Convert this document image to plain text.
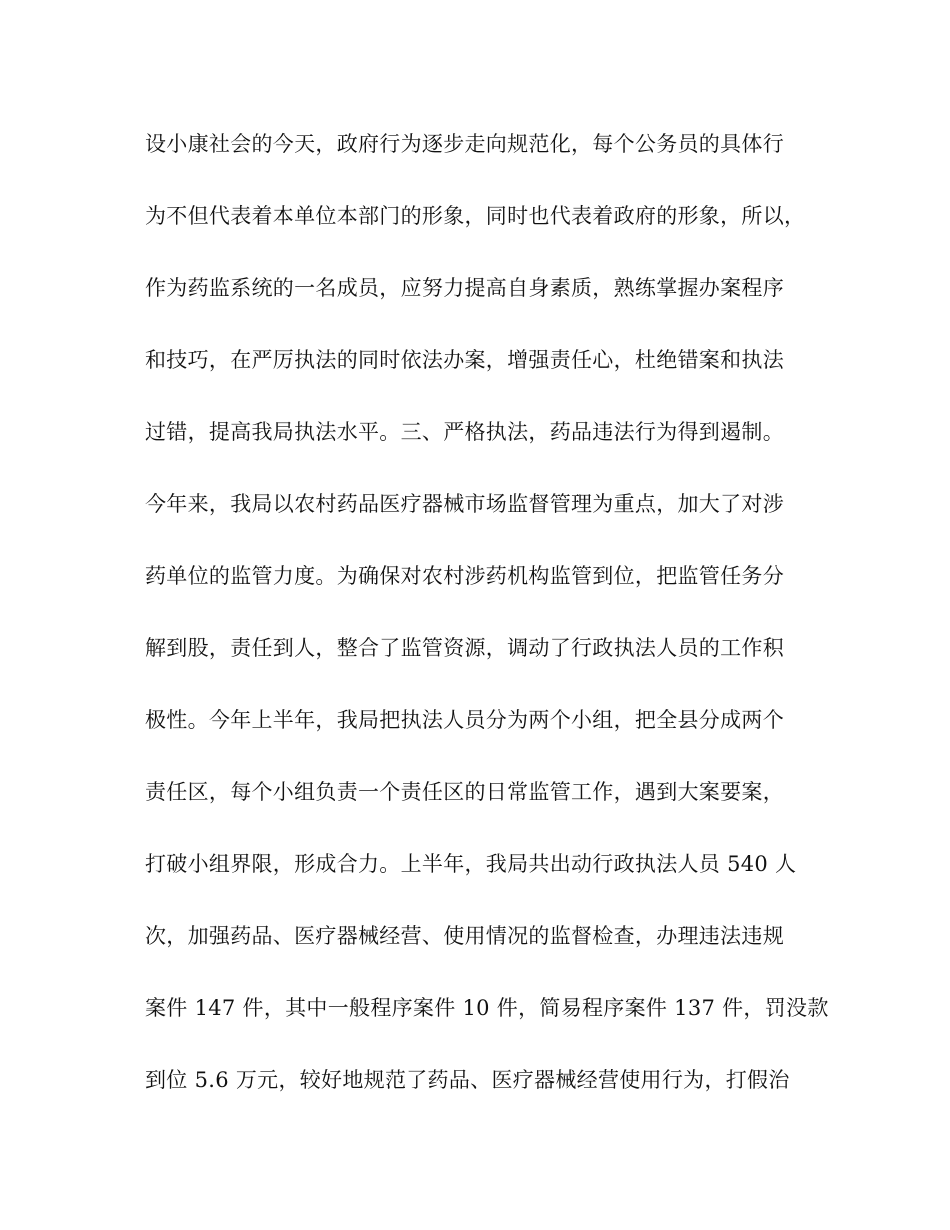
设小康社会的今天，政府行为逐步走向规范化，每个公务员的具体行
为不但代表着本单位本部门的形象，同时也代表着政府的形象，所以，
作为药监系统的一名成员，应努力提高自身素质，熟练掌握办案程序
和技巧，在严厉执法的同时依法办案，增强责任心，杜绝错案和执法
过错，提高我局执法水平。三、严格执法，药品违法行为得到遏制。
今年来，我局以农村药品医疗器械市场监督管理为重点，加大了对涉
药单位的监管力度。为确保对农村涉药机构监管到位，把监管任务分
解到股，责任到人，整合了监管资源，调动了行政执法人员的工作积
极性。今年上半年，我局把执法人员分为两个小组，把全县分成两个
责任区，每个小组负责一个责任区的日常监管工作，遇到大案要案，
打破小组界限，形成合力。上半年，我局共出动行政执法人员 540 人
次，加强药品、医疗器械经营、使用情况的监督检查，办理违法违规
案件 147 件，其中一般程序案件 10 件，简易程序案件 137 件，罚没款
到位 5.6 万元，较好地规范了药品、医疗器械经营使用行为，打假治
